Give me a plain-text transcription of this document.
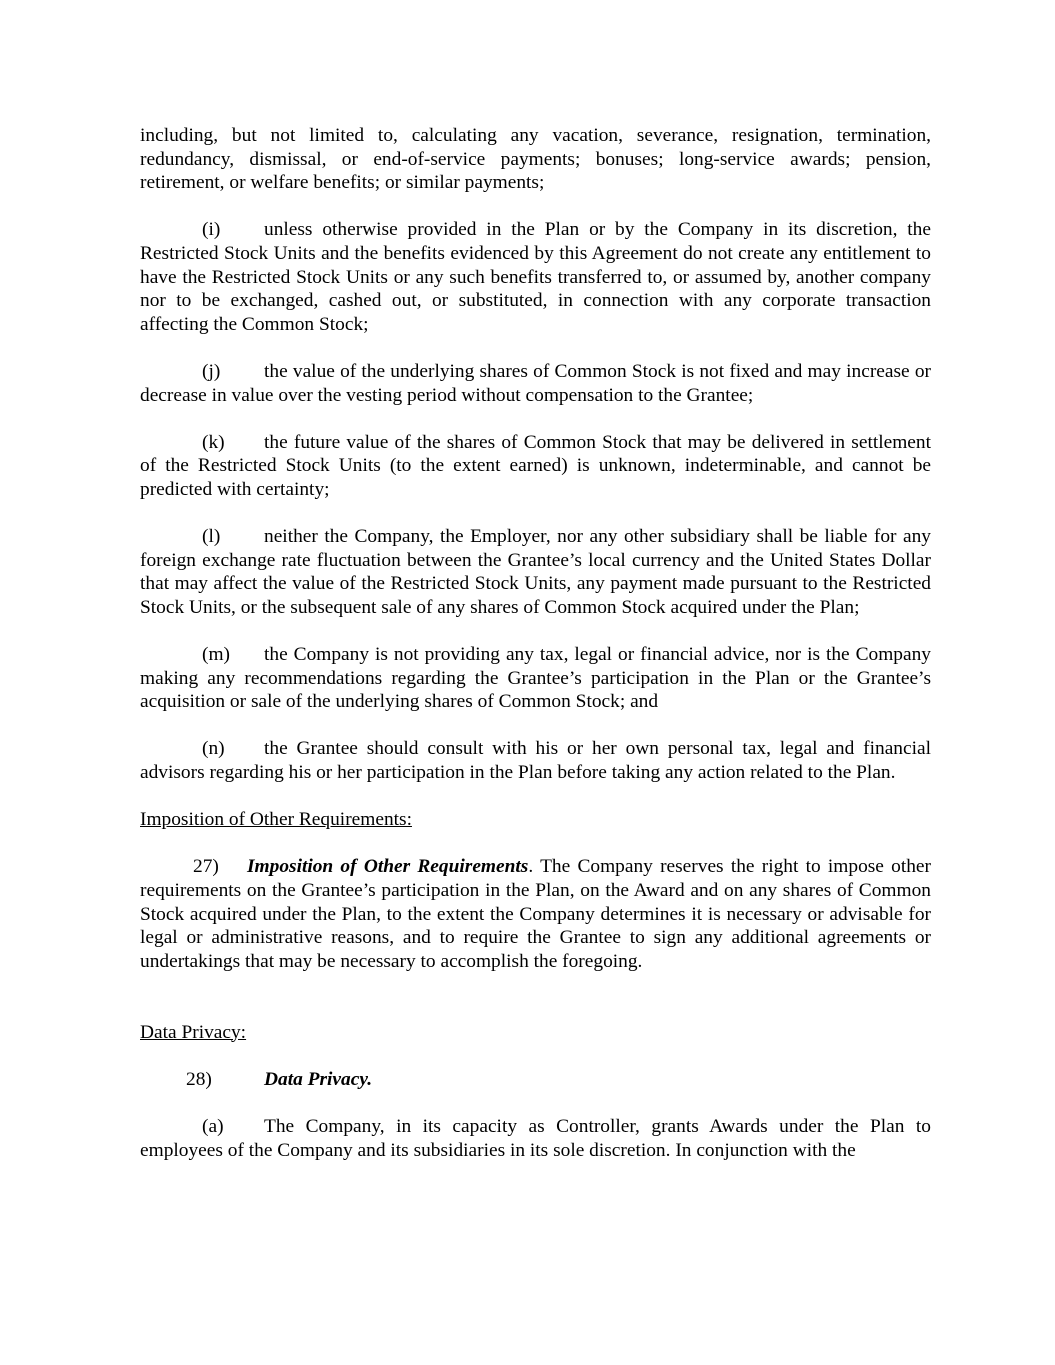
including, but not limited to, calculating any vacation, severance, resignation, termination, redundancy, dismissal, or end-of-service payments; bonuses; long-service awards; pension, retirement, or welfare benefits; or similar payments;

(i) unless otherwise provided in the Plan or by the Company in its discretion, the Restricted Stock Units and the benefits evidenced by this Agreement do not create any entitlement to have the Restricted Stock Units or any such benefits transferred to, or assumed by, another company nor to be exchanged, cashed out, or substituted, in connection with any corporate transaction affecting the Common Stock;

(j) the value of the underlying shares of Common Stock is not fixed and may increase or decrease in value over the vesting period without compensation to the Grantee;

(k) the future value of the shares of Common Stock that may be delivered in settlement of the Restricted Stock Units (to the extent earned) is unknown, indeterminable, and cannot be predicted with certainty;

(l) neither the Company, the Employer, nor any other subsidiary shall be liable for any foreign exchange rate fluctuation between the Grantee’s local currency and the United States Dollar that may affect the value of the Restricted Stock Units, any payment made pursuant to the Restricted Stock Units, or the subsequent sale of any shares of Common Stock acquired under the Plan;

(m) the Company is not providing any tax, legal or financial advice, nor is the Company making any recommendations regarding the Grantee’s participation in the Plan or the Grantee’s acquisition or sale of the underlying shares of Common Stock; and

(n) the Grantee should consult with his or her own personal tax, legal and financial advisors regarding his or her participation in the Plan before taking any action related to the Plan.

Imposition of Other Requirements:

27) Imposition of Other Requirements. The Company reserves the right to impose other requirements on the Grantee’s participation in the Plan, on the Award and on any shares of Common Stock acquired under the Plan, to the extent the Company determines it is necessary or advisable for legal or administrative reasons, and to require the Grantee to sign any additional agreements or undertakings that may be necessary to accomplish the foregoing.

Data Privacy:

28)	Data Privacy.

(a) The Company, in its capacity as Controller, grants Awards under the Plan to employees of the Company and its subsidiaries in its sole discretion. In conjunction with the
